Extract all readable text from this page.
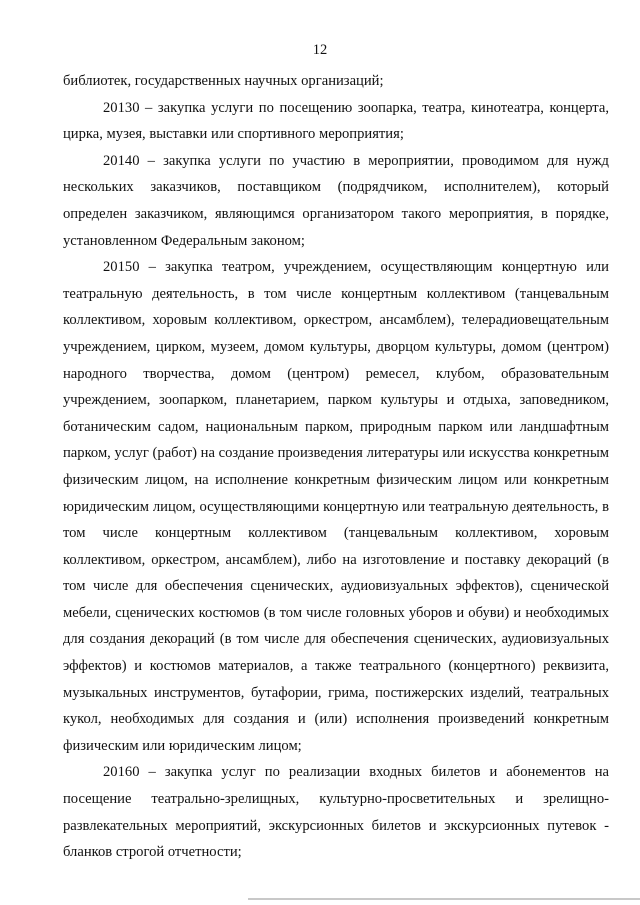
12

библиотек, государственных научных организаций;

20130 – закупка услуги по посещению зоопарка, театра, кинотеатра, концерта, цирка, музея, выставки или спортивного мероприятия;

20140 – закупка услуги по участию в мероприятии, проводимом для нужд нескольких заказчиков, поставщиком (подрядчиком, исполнителем), который определен заказчиком, являющимся организатором такого мероприятия, в порядке, установленном Федеральным законом;

20150 – закупка театром, учреждением, осуществляющим концертную или театральную деятельность, в том числе концертным коллективом (танцевальным коллективом, хоровым коллективом, оркестром, ансамблем), телерадиовещательным учреждением, цирком, музеем, домом культуры, дворцом культуры, домом (центром) народного творчества, домом (центром) ремесел, клубом, образовательным учреждением, зоопарком, планетарием, парком культуры и отдыха, заповедником, ботаническим садом, национальным парком, природным парком или ландшафтным парком, услуг (работ) на создание произведения литературы или искусства конкретным физическим лицом, на исполнение конкретным физическим лицом или конкретным юридическим лицом, осуществляющими концертную или театральную деятельность, в том числе концертным коллективом (танцевальным коллективом, хоровым коллективом, оркестром, ансамблем), либо на изготовление и поставку декораций (в том числе для обеспечения сценических, аудиовизуальных эффектов), сценической мебели, сценических костюмов (в том числе головных уборов и обуви) и необходимых для создания декораций (в том числе для обеспечения сценических, аудиовизуальных эффектов) и костюмов материалов, а также театрального (концертного) реквизита, музыкальных инструментов, бутафории, грима, постижерских изделий, театральных кукол, необходимых для создания и (или) исполнения произведений конкретным физическим или юридическим лицом;

20160 – закупка услуг по реализации входных билетов и абонементов на посещение театрально-зрелищных, культурно-просветительных и зрелищно-развлекательных мероприятий, экскурсионных билетов и экскурсионных путевок - бланков строгой отчетности;
